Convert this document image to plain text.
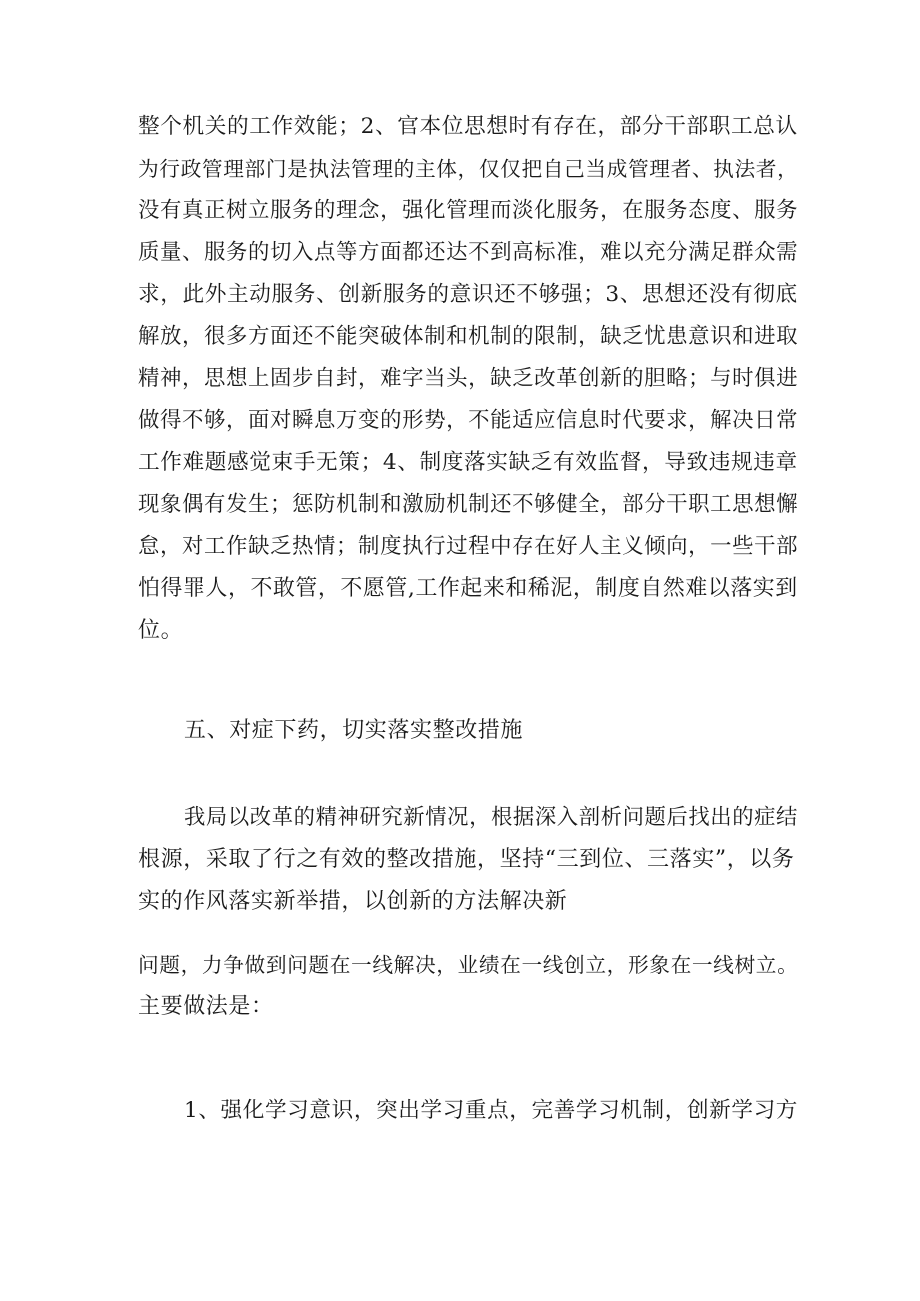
整个机关的工作效能；2、官本位思想时有存在，部分干部职工总认
为行政管理部门是执法管理的主体，仅仅把自己当成管理者、执法者，
没有真正树立服务的理念，强化管理而淡化服务，在服务态度、服务
质量、服务的切入点等方面都还达不到高标准，难以充分满足群众需
求，此外主动服务、创新服务的意识还不够强；3、思想还没有彻底
解放，很多方面还不能突破体制和机制的限制，缺乏忧患意识和进取
精神，思想上固步自封，难字当头，缺乏改革创新的胆略；与时俱进
做得不够，面对瞬息万变的形势，不能适应信息时代要求，解决日常
工作难题感觉束手无策；4、制度落实缺乏有效监督，导致违规违章
现象偶有发生；惩防机制和激励机制还不够健全，部分干职工思想懈
怠，对工作缺乏热情；制度执行过程中存在好人主义倾向，一些干部
怕得罪人，不敢管，不愿管,工作起来和稀泥，制度自然难以落实到
位。

五、对症下药，切实落实整改措施

我局以改革的精神研究新情况，根据深入剖析问题后找出的症结
根源，采取了行之有效的整改措施，坚持“三到位、三落实”，以务
实的作风落实新举措，以创新的方法解决新
问题，力争做到问题在一线解决，业绩在一线创立，形象在一线树立。
主要做法是：
1、强化学习意识，突出学习重点，完善学习机制，创新学习方
